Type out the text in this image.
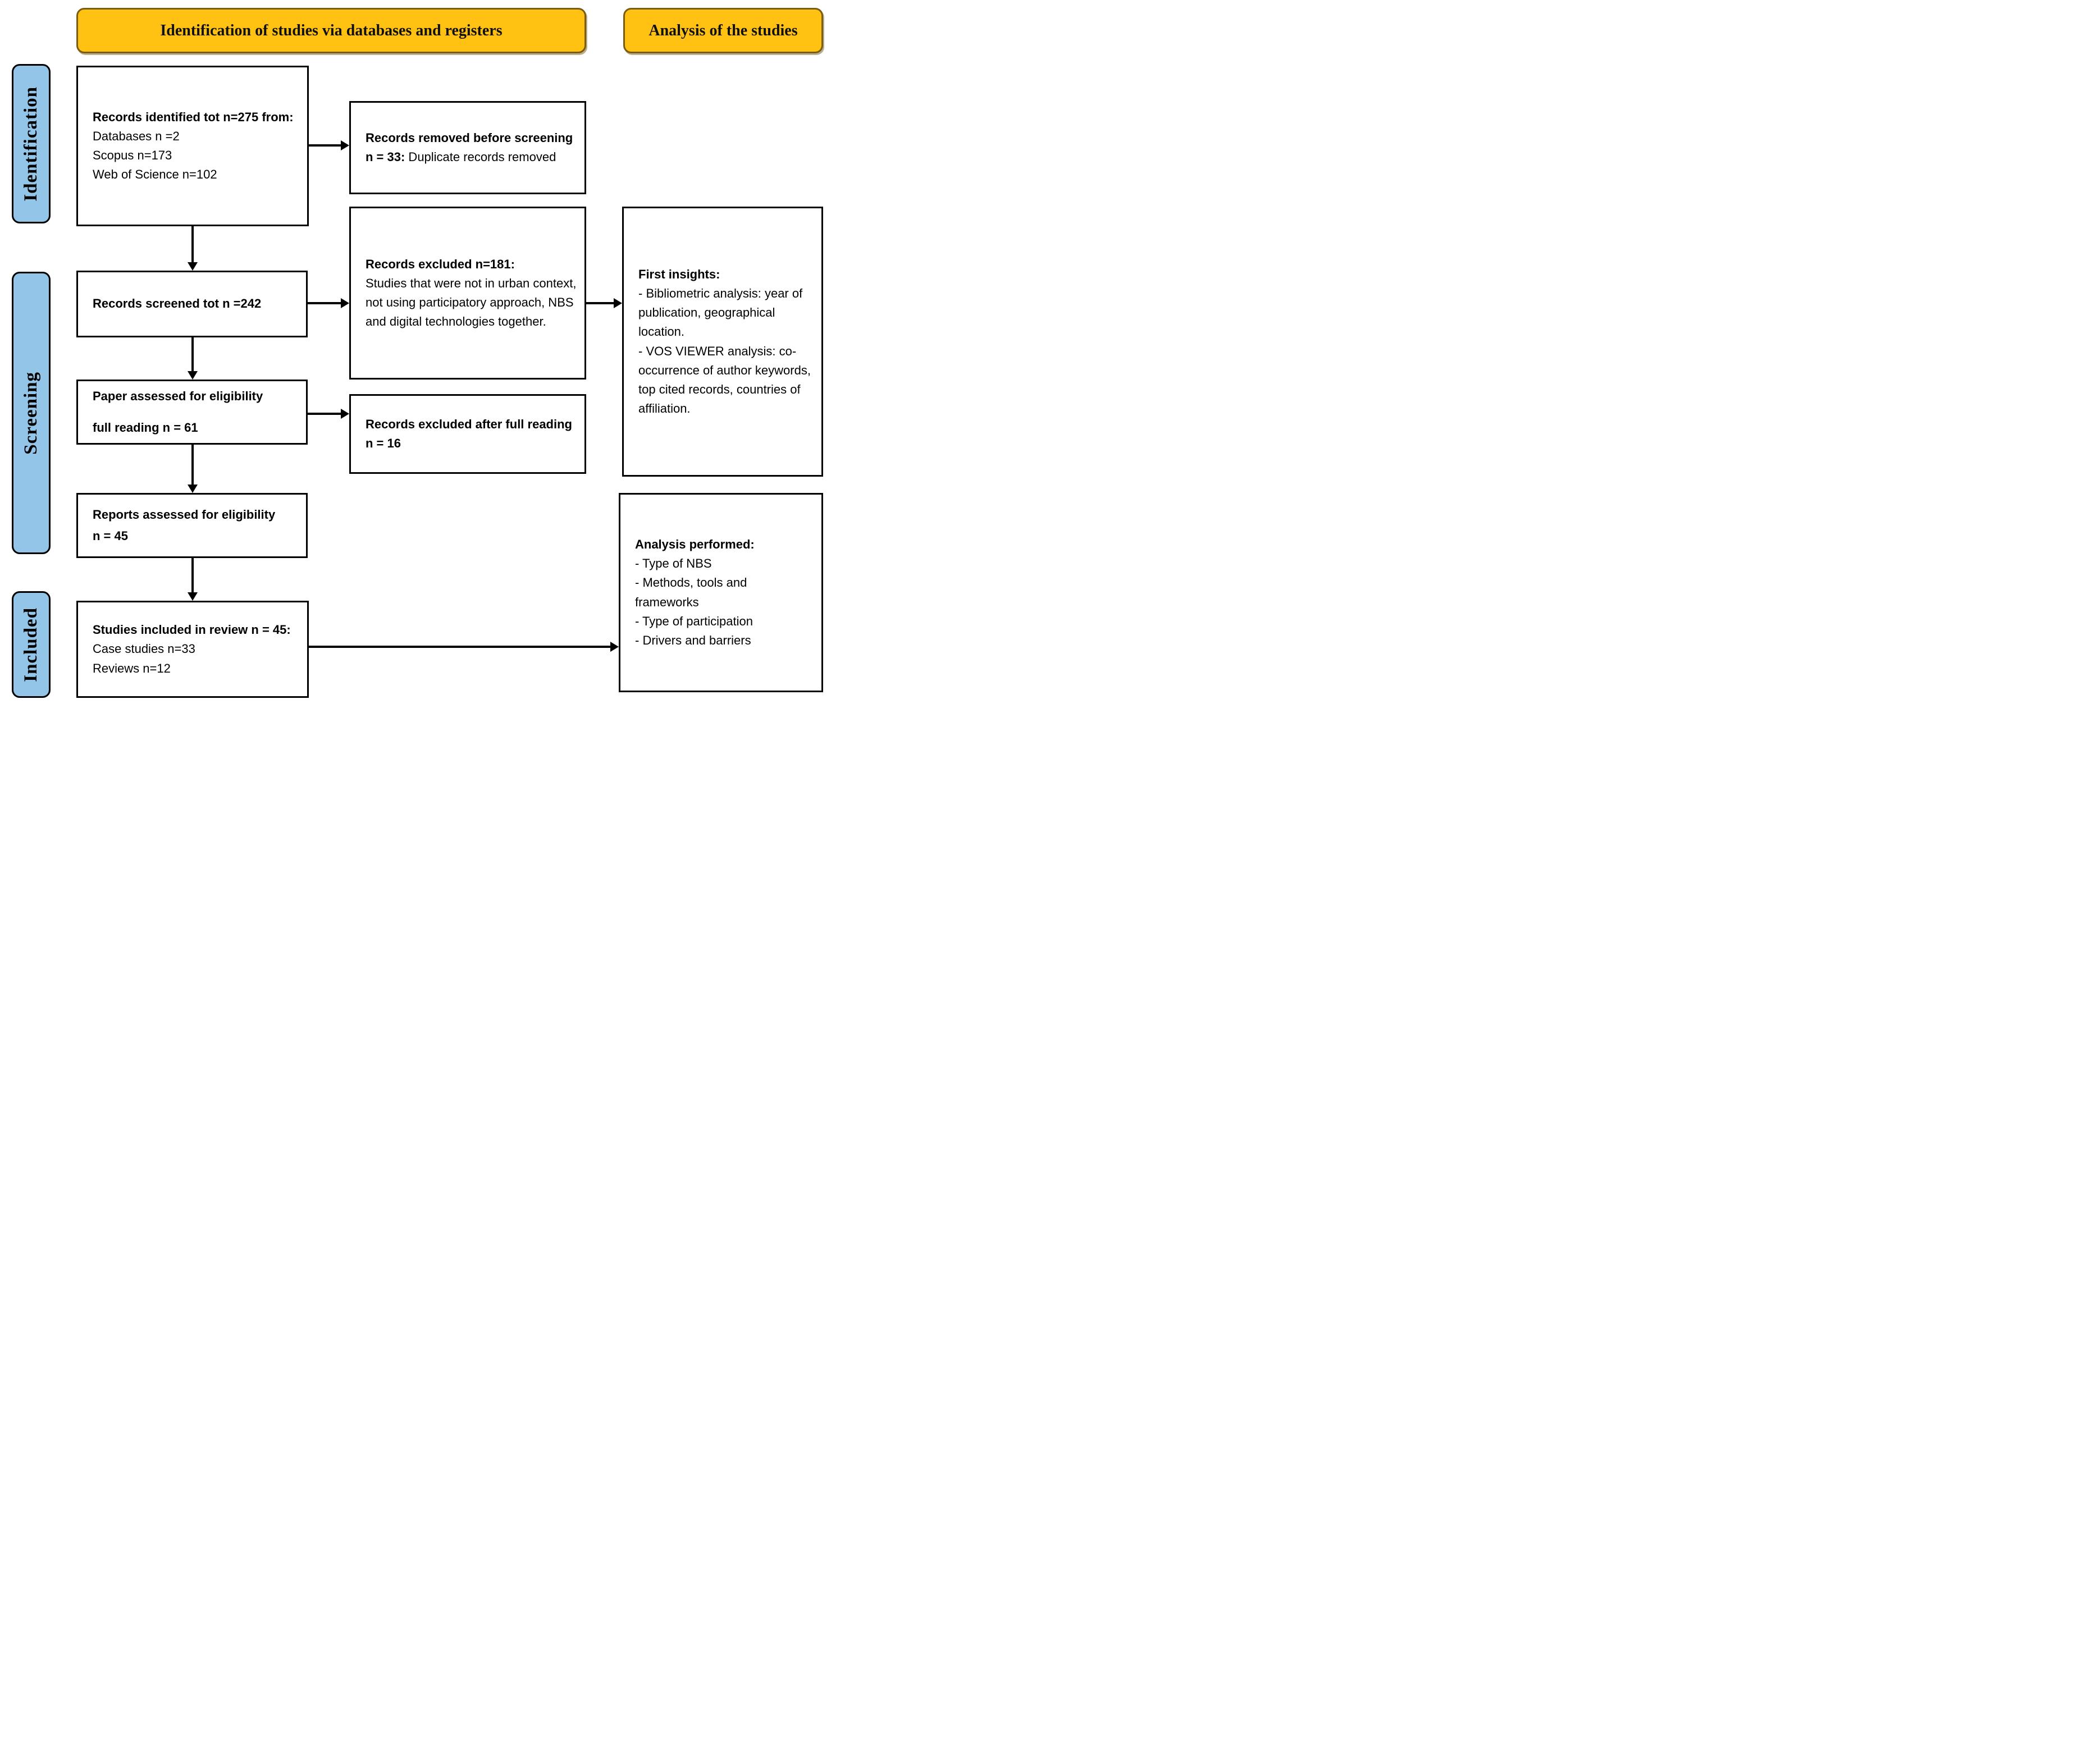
Identification of studies via databases and registers	Analysis of the studies
Identification
Screening
Included
Records identified tot n=275 from:
Databases n =2
Scopus n=173
Web of Science n=102
Records screened tot n =242
Paper assessed for eligibility
full reading n = 61
Reports assessed for eligibility
n = 45
Studies included in review n = 45:
Case studies n=33
Reviews n=12
Records removed before screening n = 33: Duplicate records removed
Records excluded n=181:
Studies that were not in urban context, not using participatory approach, NBS and digital technologies together.
Records excluded after full reading n = 16
First insights:
- Bibliometric analysis: year of publication, geographical location.
- VOS VIEWER analysis: co-occurrence of author keywords, top cited records, countries of affiliation.
Analysis performed:
- Type of NBS
- Methods, tools and frameworks
- Type of participation
- Drivers and barriers
